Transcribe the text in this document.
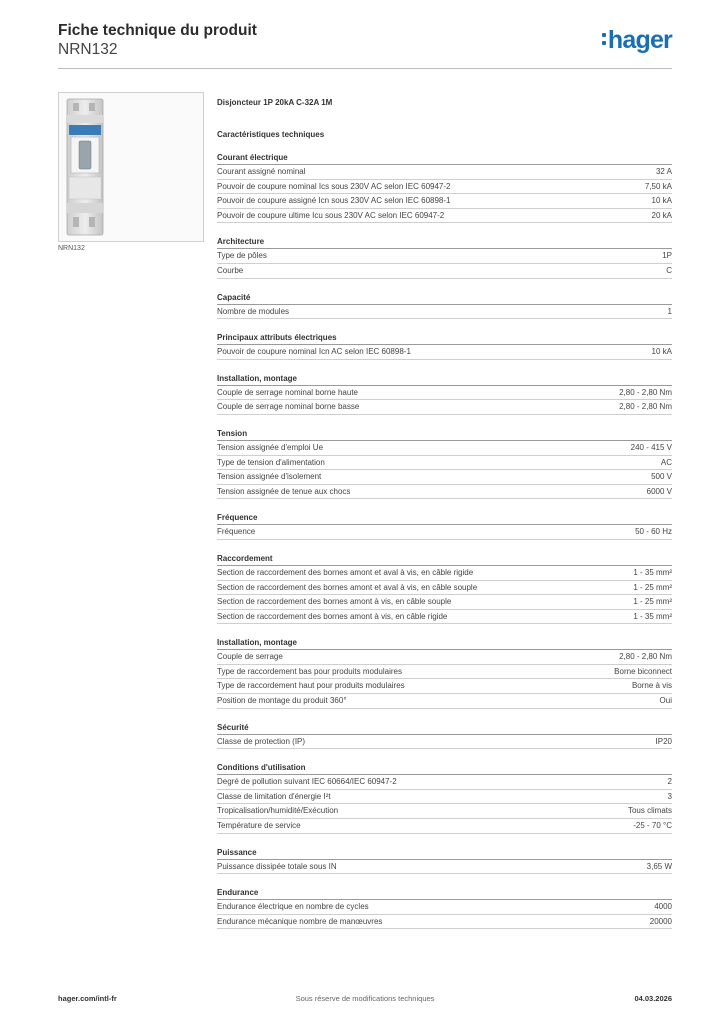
Fiche technique du produit
NRN132	hager
NRN132
Disjoncteur 1P 20kA C-32A 1M
Caractéristiques techniques
Courant électrique
Courant assigné nominal	32 A
Pouvoir de coupure nominal Ics sous 230V AC selon IEC 60947-2	7,50 kA
Pouvoir de coupure assigné Icn sous 230V AC selon IEC 60898-1	10 kA
Pouvoir de coupure ultime Icu sous 230V AC selon IEC 60947-2	20 kA
Architecture
Type de pôles	1P
Courbe	C
Capacité
Nombre de modules	1
Principaux attributs électriques
Pouvoir de coupure nominal Icn AC selon IEC 60898-1	10 kA
Installation, montage
Couple de serrage nominal borne haute	2,80 - 2,80 Nm
Couple de serrage nominal borne basse	2,80 - 2,80 Nm
Tension
Tension assignée d'emploi Ue	240 - 415 V
Type de tension d'alimentation	AC
Tension assignée d'isolement	500 V
Tension assignée de tenue aux chocs	6000 V
Fréquence
Fréquence	50 - 60 Hz
Raccordement
Section de raccordement des bornes amont et aval à vis, en câble rigide	1 - 35 mm²
Section de raccordement des bornes amont et aval à vis, en câble souple	1 - 25 mm²
Section de raccordement des bornes amont à vis, en câble souple	1 - 25 mm²
Section de raccordement des bornes amont à vis, en câble rigide	1 - 35 mm²
Installation, montage
Couple de serrage	2,80 - 2,80 Nm
Type de raccordement bas pour produits modulaires	Borne biconnect
Type de raccordement haut pour produits modulaires	Borne à vis
Position de montage du produit 360°	Oui
Sécurité
Classe de protection (IP)	IP20
Conditions d'utilisation
Degré de pollution suivant IEC 60664/IEC 60947-2	2
Classe de limitation d'énergie I²t	3
Tropicalisation/humidité/Exécution	Tous climats
Température de service	-25 - 70 °C
Puissance
Puissance dissipée totale sous IN	3,65 W
Endurance
Endurance électrique en nombre de cycles	4000
Endurance mécanique nombre de manœuvres	20000
hager.com/intl-fr	Sous réserve de modifications techniques	04.03.2026
